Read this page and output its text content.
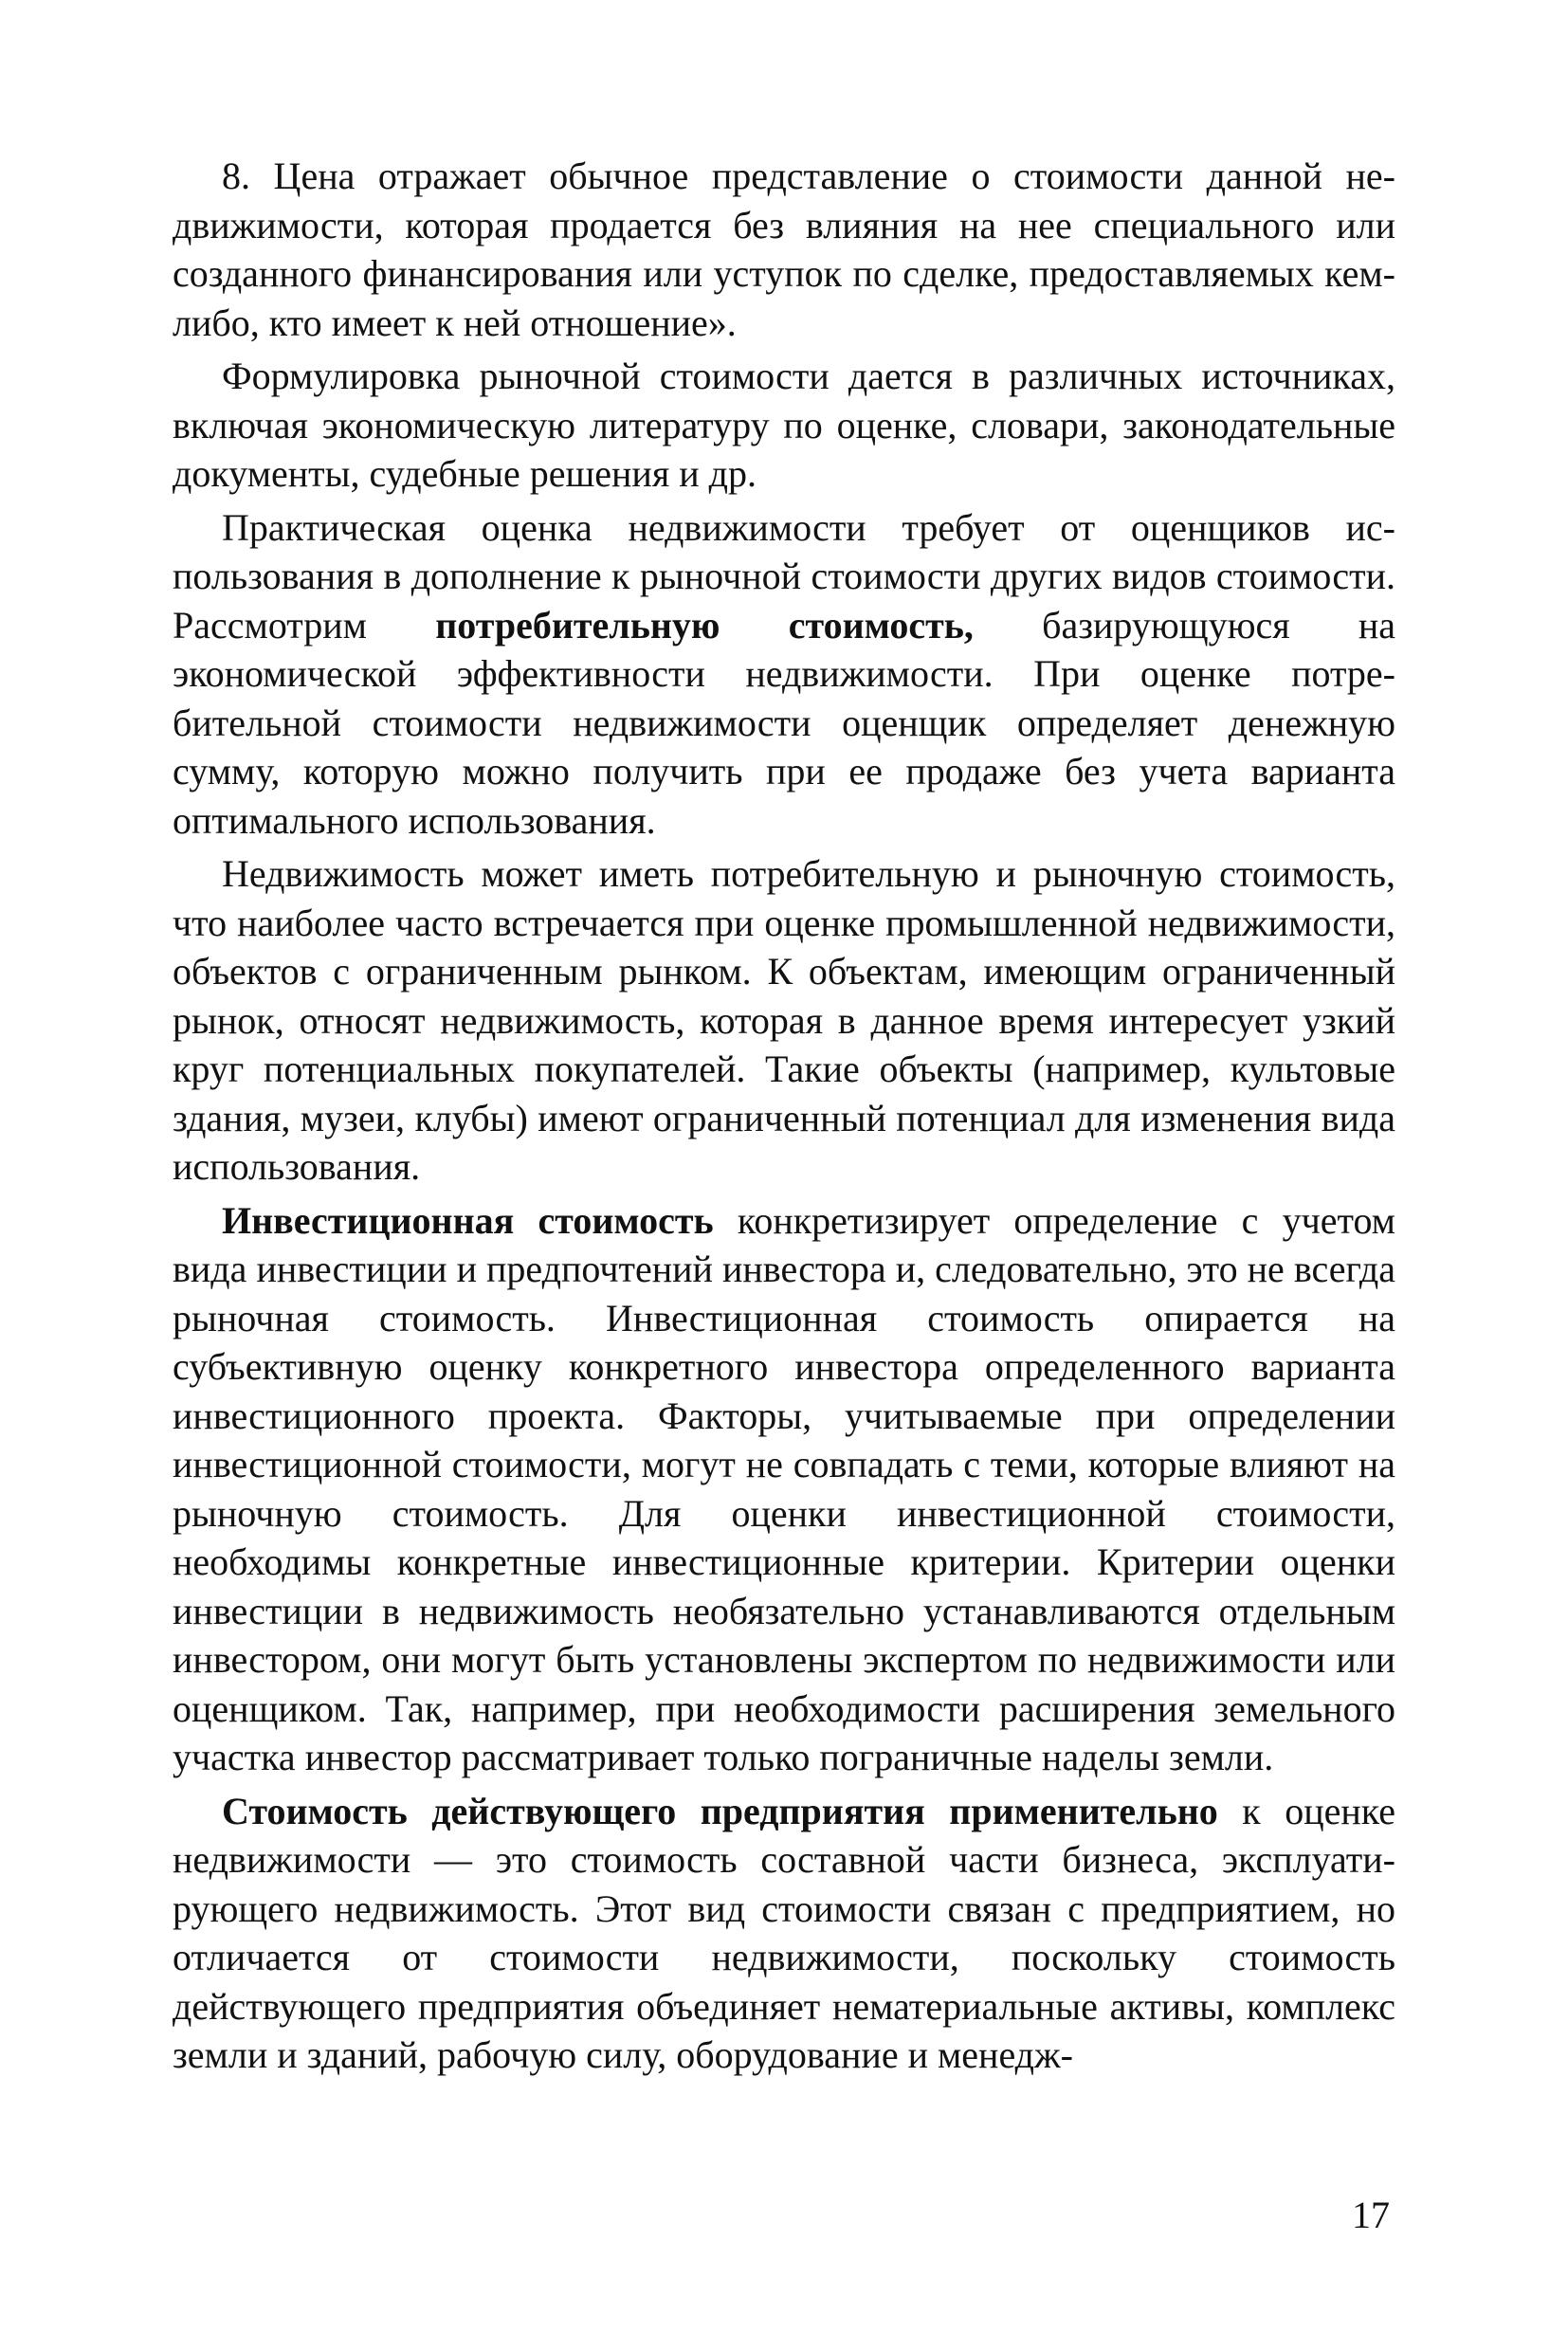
8. Цена отражает обычное представление о стоимости данной недвижимости, которая продается без влияния на нее специального или созданного финансирования или уступок по сделке, предоставляемых кем-либо, кто имеет к ней отношение».

Формулировка рыночной стоимости дается в различных источниках, включая экономическую литературу по оценке, словари, законодательные документы, судебные решения и др.

Практическая оценка недвижимости требует от оценщиков использования в дополнение к рыночной стоимости других видов стоимости. Рассмотрим потребительную стоимость, базирующуюся на экономической эффективности недвижимости. При оценке потребительной стоимости недвижимости оценщик определяет денежную сумму, которую можно получить при ее продаже без учета варианта оптимального использования.

Недвижимость может иметь потребительную и рыночную стоимость, что наиболее часто встречается при оценке промышленной недвижимости, объектов с ограниченным рынком. К объектам, имеющим ограниченный рынок, относят недвижимость, которая в данное время интересует узкий круг потенциальных покупателей. Такие объекты (например, культовые здания, музеи, клубы) имеют ограниченный потенциал для изменения вида использования.

Инвестиционная стоимость конкретизирует определение с учетом вида инвестиции и предпочтений инвестора и, следовательно, это не всегда рыночная стоимость. Инвестиционная стоимость опирается на субъективную оценку конкретного инвестора определенного варианта инвестиционного проекта. Факторы, учитываемые при определении инвестиционной стоимости, могут не совпадать с теми, которые влияют на рыночную стоимость. Для оценки инвестиционной стоимости, необходимы конкретные инвестиционные критерии. Критерии оценки инвестиции в недвижимость необязательно устанавливаются отдельным инвестором, они могут быть установлены экспертом по недвижимости или оценщиком. Так, например, при необходимости расширения земельного участка инвестор рассматривает только пограничные наделы земли.

Стоимость действующего предприятия применительно к оценке недвижимости — это стоимость составной части бизнеса, эксплуатирующего недвижимость. Этот вид стоимости связан с предприятием, но отличается от стоимости недвижимости, поскольку стоимость действующего предприятия объединяет нематериальные активы, комплекс земли и зданий, рабочую силу, оборудование и менедж-

17
